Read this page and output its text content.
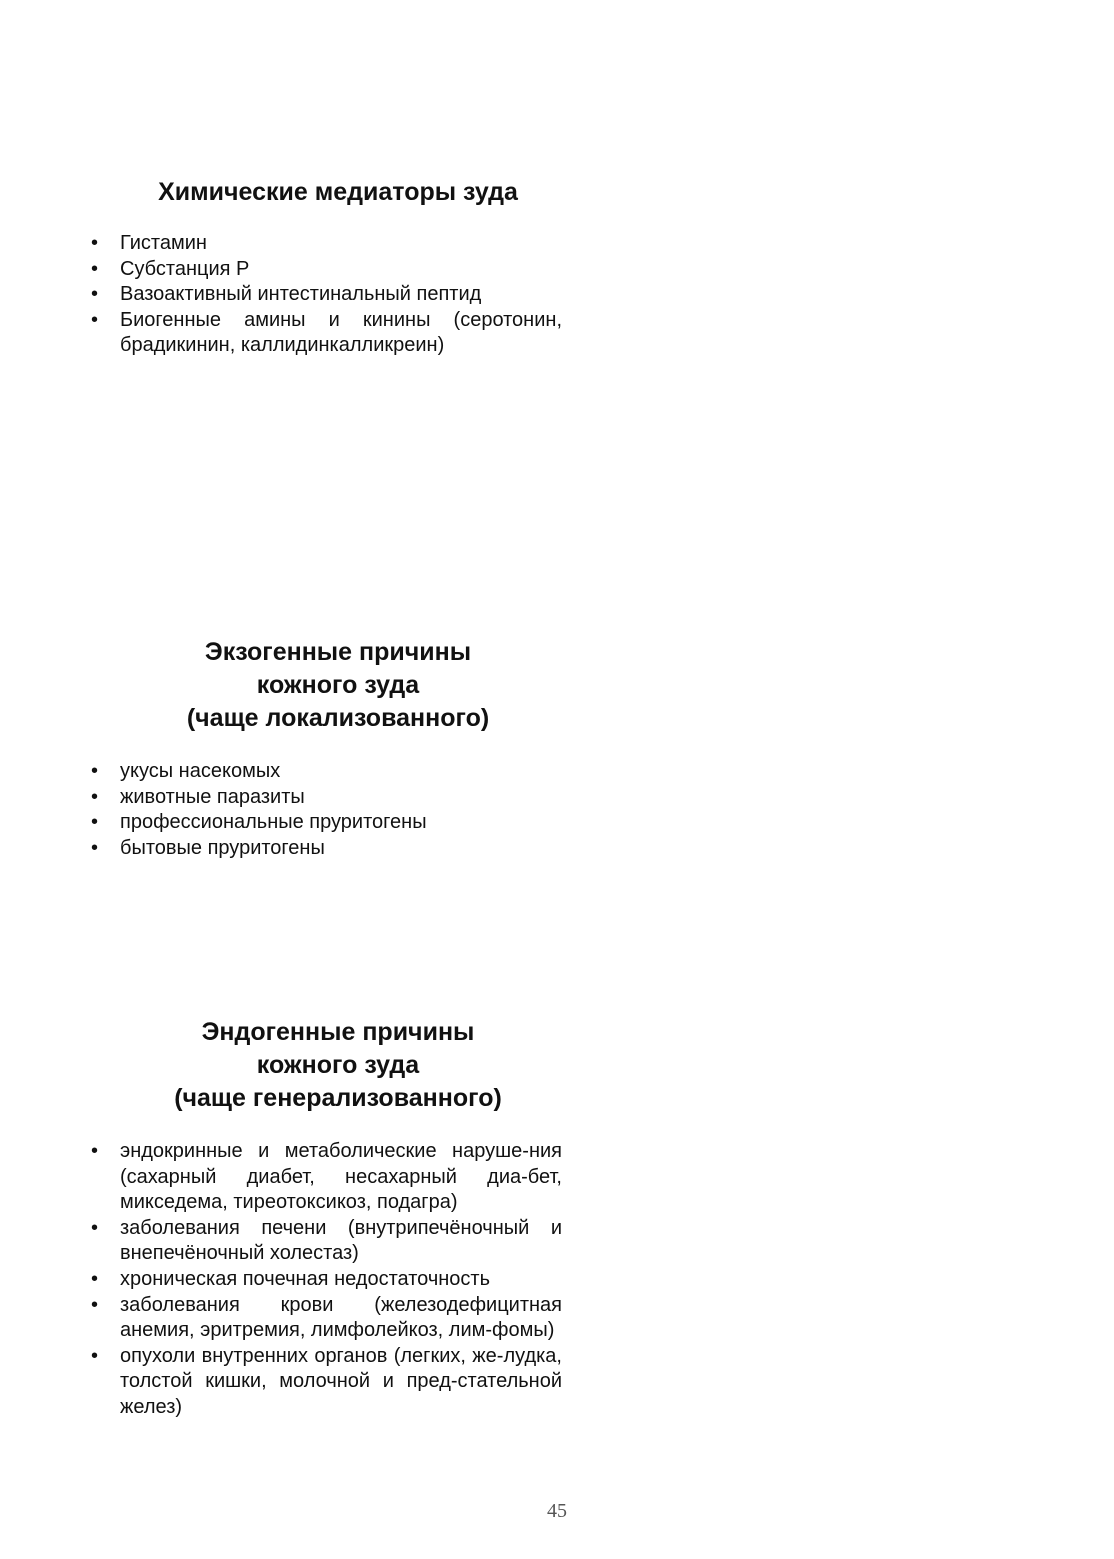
Химические медиаторы зуда
•	Гистамин
•	Субстанция Р
•	Вазоактивный интестинальный пептид
•	Биогенные амины и кинины (серотонин, брадикинин, каллидинкалликреин)
Экзогенные причины
кожного зуда
(чаще локализованного)
•	укусы насекомых
•	животные паразиты
•	профессиональные пруритогены
•	бытовые пруритогены
Эндогенные причины
кожного зуда
(чаще генерализованного)
•	эндокринные и метаболические наруше-ния (сахарный диабет, несахарный диа-бет, микседема, тиреотоксикоз, подагра)
•	заболевания печени (внутрипечёночный и внепечёночный холестаз)
•	хроническая почечная недостаточность
•	заболевания крови (железодефицитная анемия, эритремия, лимфолейкоз, лим-фомы)
•	опухоли внутренних органов (легких, же-лудка, толстой кишки, молочной и пред-стательной желез)
45
